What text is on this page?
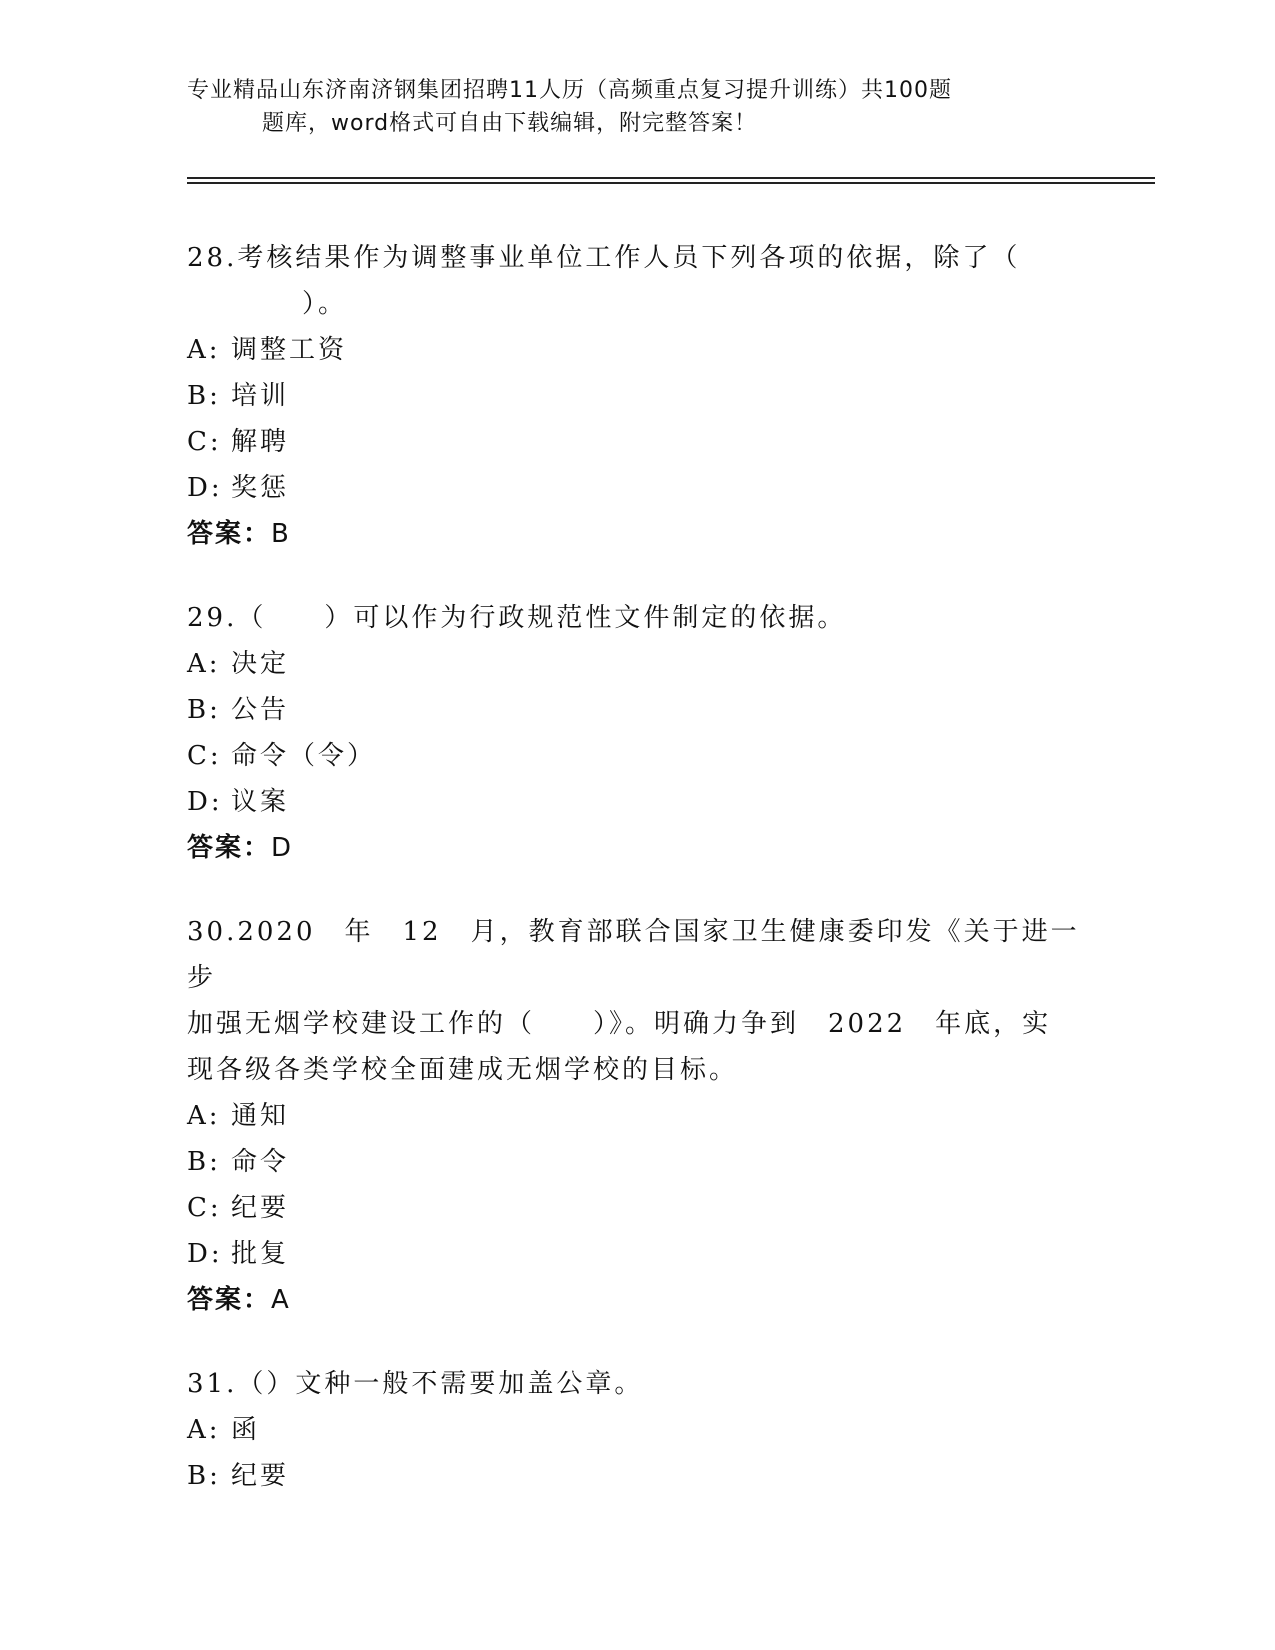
专业精品山东济南济钢集团招聘11人历（高频重点复习提升训练）共100题
题库，word格式可自由下载编辑，附完整答案！

28.考核结果作为调整事业单位工作人员下列各项的依据，除了（

）。

A: 调整工资

B: 培训

C: 解聘

D: 奖惩

答案：B

29.（　　）可以作为行政规范性文件制定的依据。

A: 决定

B: 公告

C: 命令（令）

D: 议案

答案：D

30.2020　年　12　月，教育部联合国家卫生健康委印发《关于进一步

加强无烟学校建设工作的（　　）》。明确力争到　2022　年底，实

现各级各类学校全面建成无烟学校的目标。

A: 通知

B: 命令

C: 纪要

D: 批复

答案：A

31.（）文种一般不需要加盖公章。

A: 函

B: 纪要
